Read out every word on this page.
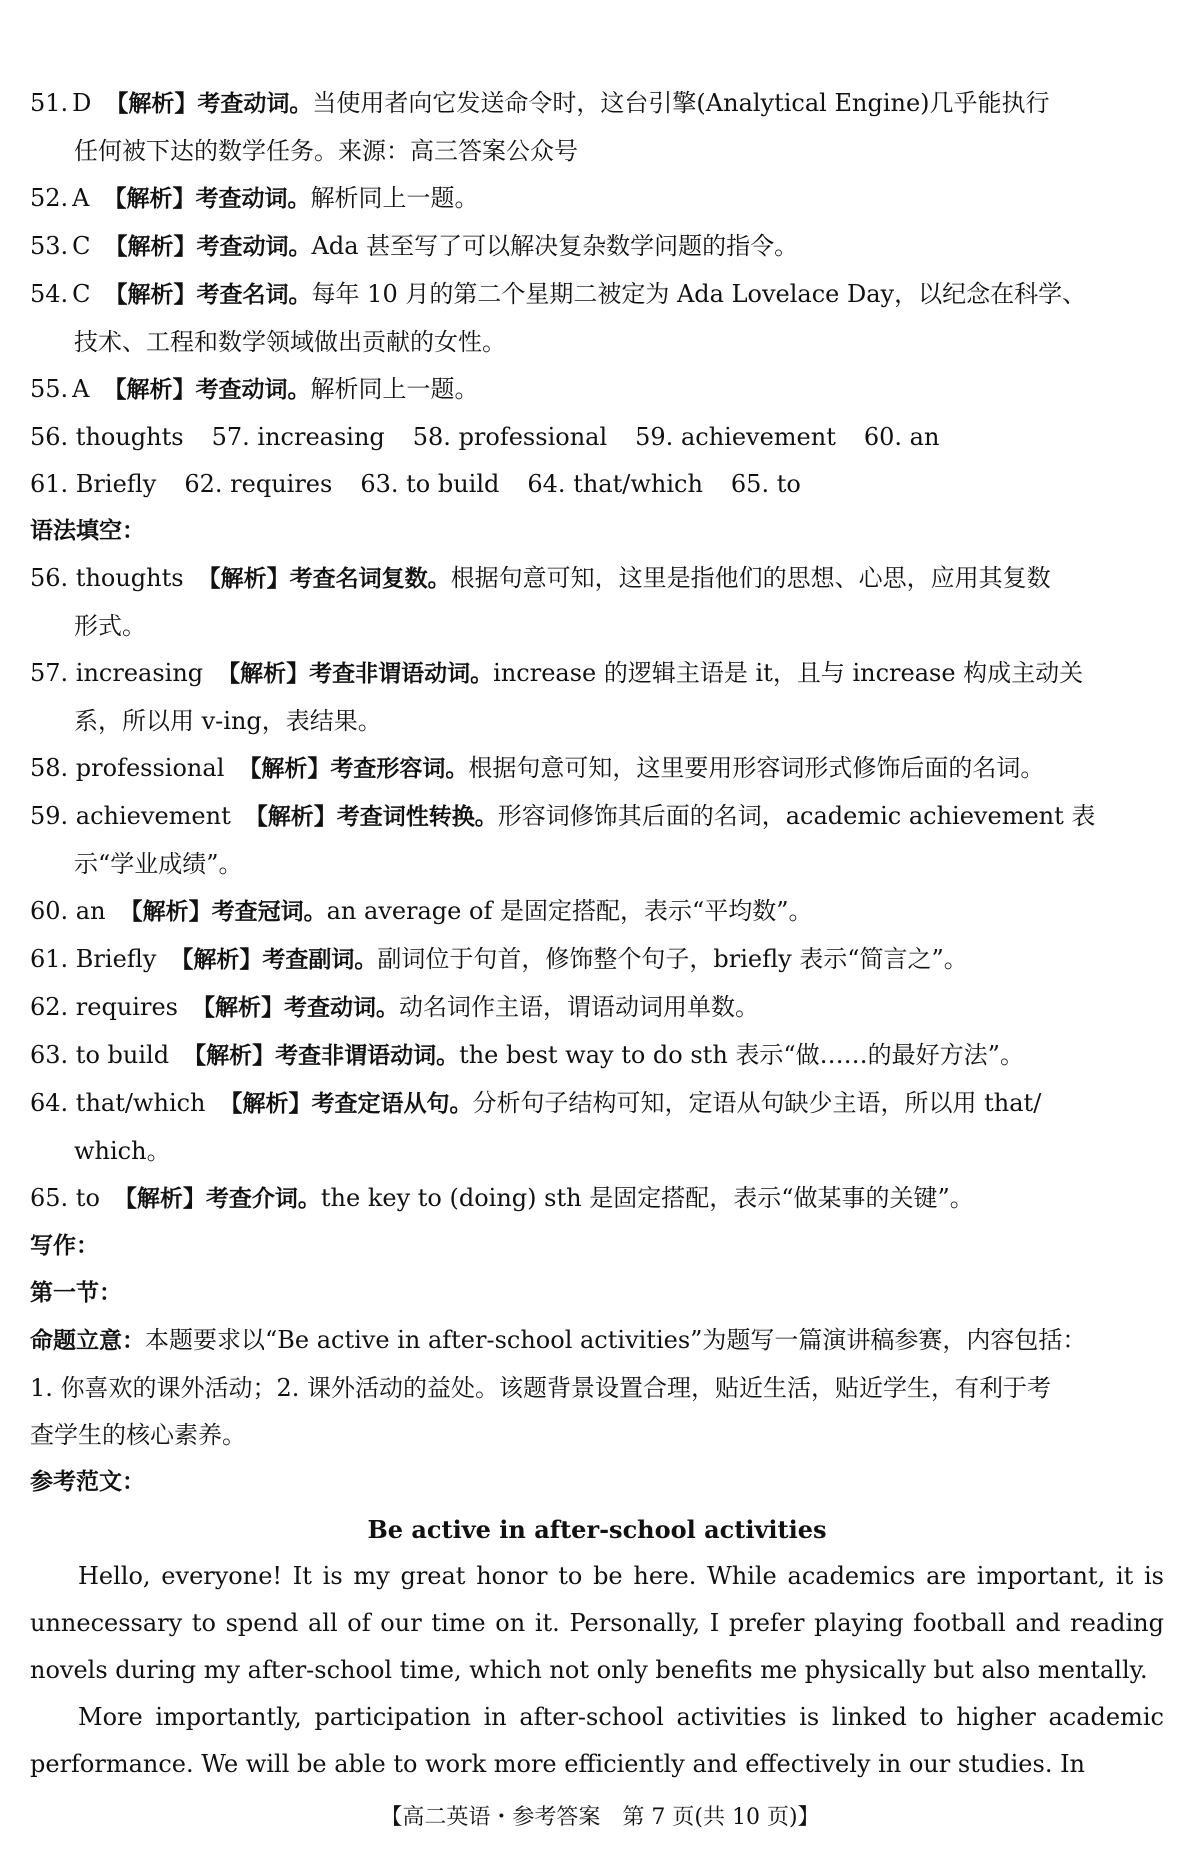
51. D 【解析】考查动词。当使用者向它发送命令时，这台引擎(Analytical Engine)几乎能执行
任何被下达的数学任务。来源：高三答案公众号
52. A 【解析】考查动词。解析同上一题。
53. C 【解析】考查动词。Ada 甚至写了可以解决复杂数学问题的指令。
54. C 【解析】考查名词。每年 10 月的第二个星期二被定为 Ada Lovelace Day，以纪念在科学、
技术、工程和数学领域做出贡献的女性。
55. A 【解析】考查动词。解析同上一题。
56. thoughts 57. increasing 58. professional 59. achievement 60. an
61. Briefly 62. requires 63. to build 64. that/which 65. to
语法填空：
56. thoughts 【解析】考查名词复数。根据句意可知，这里是指他们的思想、心思，应用其复数
形式。
57. increasing 【解析】考查非谓语动词。increase 的逻辑主语是 it，且与 increase 构成主动关
系，所以用 v-ing，表结果。
58. professional 【解析】考查形容词。根据句意可知，这里要用形容词形式修饰后面的名词。
59. achievement 【解析】考查词性转换。形容词修饰其后面的名词，academic achievement 表
示“学业成绩”。
60. an 【解析】考查冠词。an average of 是固定搭配，表示“平均数”。
61. Briefly 【解析】考查副词。副词位于句首，修饰整个句子，briefly 表示“简言之”。
62. requires 【解析】考查动词。动名词作主语，谓语动词用单数。
63. to build 【解析】考查非谓语动词。the best way to do sth 表示“做……的最好方法”。
64. that/which 【解析】考查定语从句。分析句子结构可知，定语从句缺少主语，所以用 that/
which。
65. to 【解析】考查介词。the key to (doing) sth 是固定搭配，表示“做某事的关键”。
写作：
第一节：
命题立意：本题要求以“Be active in after-school activities”为题写一篇演讲稿参赛，内容包括：
1. 你喜欢的课外活动；2. 课外活动的益处。该题背景设置合理，贴近生活，贴近学生，有利于考
查学生的核心素养。
参考范文：
Be active in after-school activities
Hello, everyone! It is my great honor to be here. While academics are important, it is unnecessary to spend all of our time on it. Personally, I prefer playing football and reading novels during my after-school time, which not only benefits me physically but also mentally.
More importantly, participation in after-school activities is linked to higher academic performance. We will be able to work more efficiently and effectively in our studies. In
【高二英语・参考答案　第 7 页(共 10 页)】
